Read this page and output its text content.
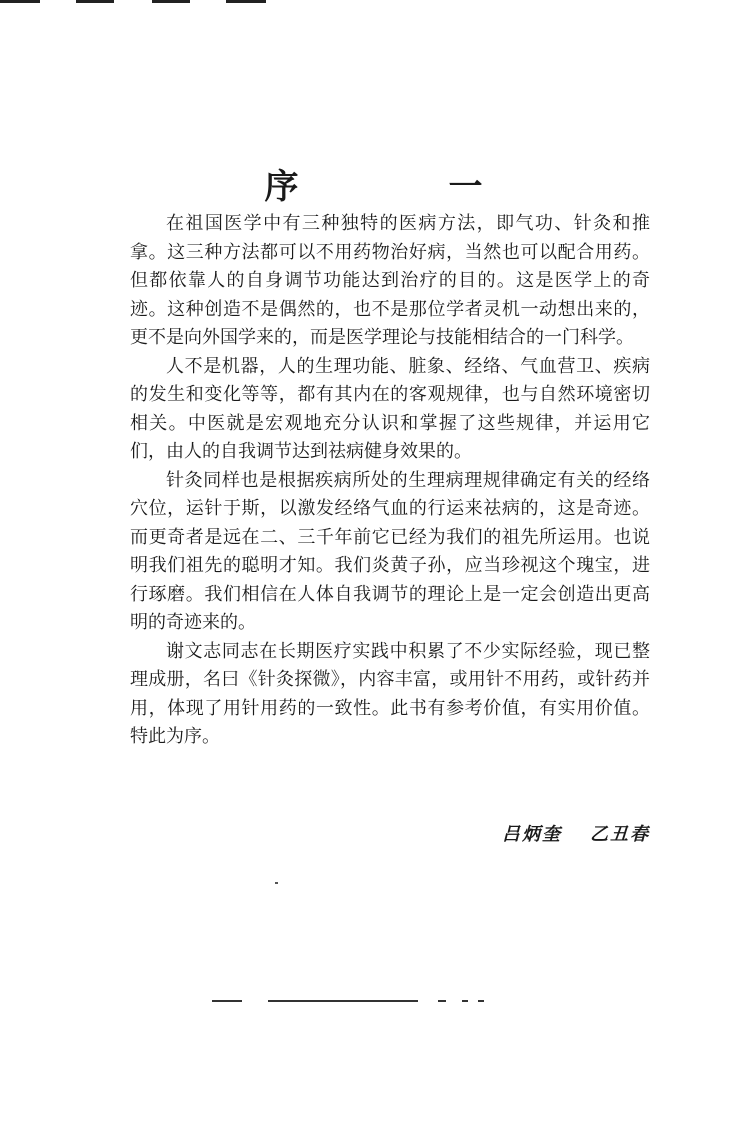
序　一

在祖国医学中有三种独特的医病方法，即气功、针灸和推拿。这三种方法都可以不用药物治好病，当然也可以配合用药。但都依靠人的自身调节功能达到治疗的目的。这是医学上的奇迹。这种创造不是偶然的，也不是那位学者灵机一动想出来的，更不是向外国学来的，而是医学理论与技能相结合的一门科学。

人不是机器，人的生理功能、脏象、经络、气血营卫、疾病的发生和变化等等，都有其内在的客观规律，也与自然环境密切相关。中医就是宏观地充分认识和掌握了这些规律，并运用它们，由人的自我调节达到祛病健身效果的。

针灸同样也是根据疾病所处的生理病理规律确定有关的经络穴位，运针于斯，以激发经络气血的行运来祛病的，这是奇迹。而更奇者是远在二、三千年前它已经为我们的祖先所运用。也说明我们祖先的聪明才知。我们炎黄子孙，应当珍视这个瑰宝，进行琢磨。我们相信在人体自我调节的理论上是一定会创造出更高明的奇迹来的。

谢文志同志在长期医疗实践中积累了不少实际经验，现已整理成册，名曰《针灸探微》，内容丰富，或用针不用药，或针药并用，体现了用针用药的一致性。此书有参考价值，有实用价值。特此为序。

吕炳奎 乙丑春
